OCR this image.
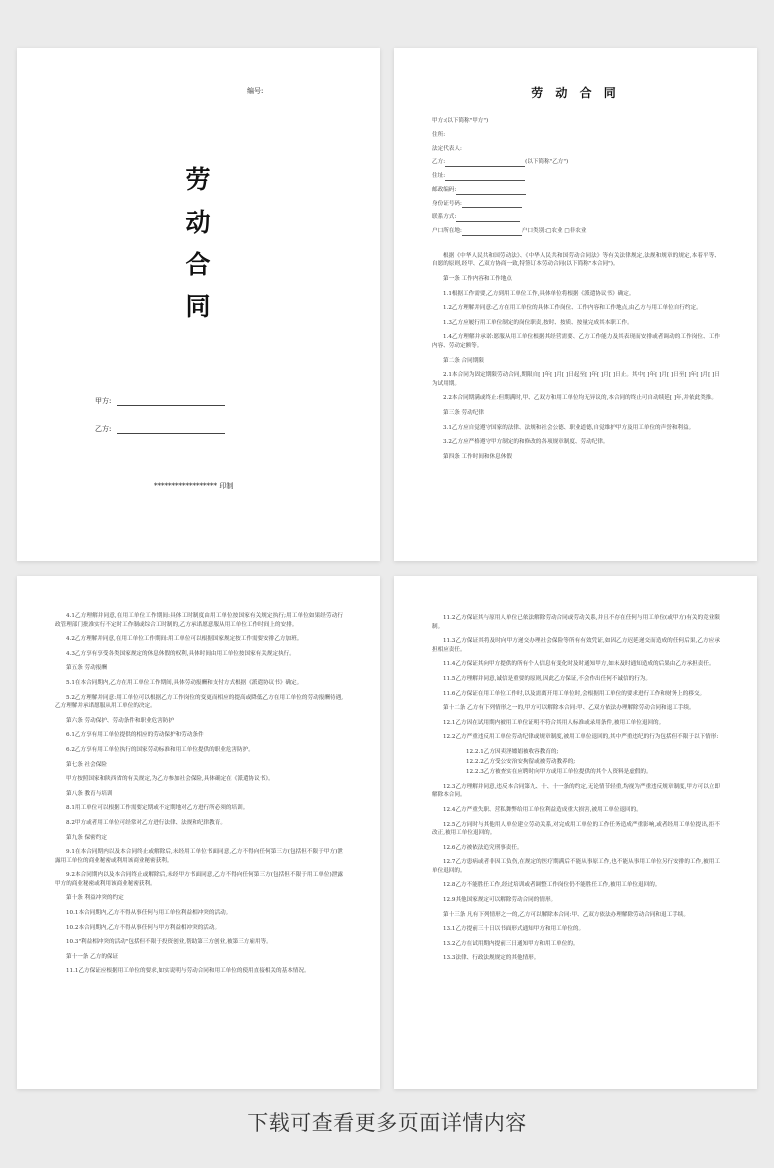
编号:
劳
动
合
同
甲方:
乙方:
****************** 印制
劳 动 合 同
甲方:(以下简称"甲方")
住所:
法定代表人:
乙方:	(以下简称"乙方")
住址:
邮政编码:
身份证号码:
联系方式:
户口所在地:	户口类别:□农业 □非农业

根据《中华人民共和国劳动法》、《中华人民共和国劳动合同法》等有关法律规定,法规和规章的规定,本着平等、自愿的原则,经甲、乙双方协商一致,特签订本劳动合同(以下简称"本合同")。

第一条 工作内容和工作地点

1.1根据工作需要,乙方到用工单位工作,具体单位将根据《派遣协议书》确定。

1.2乙方理解并同意:乙方在用工单位的具体工作岗位、工作内容和工作地点,由乙方与用工单位自行约定。

1.3乙方应履行用工单位制定的岗位职责,按时、按质、按量完成其本职工作。

1.4乙方理解并承诺:愿服从用工单位根据其经营需要、乙方工作能力及其表现而安排或者调动的工作岗位、工作内容、劳动定额等。

第二条 合同期限

2.1本合同为固定期限劳动合同,期限自[ ]年[ ]月[ ]日起至[ ]年[ ]月[ ]日止。其中[ ]年[ ]月[ ]日至[ ]年[ ]月[ ]日为试用期。

2.2本合同期满或终止:但期满时,甲、乙双方和用工单位均无异议的,本合同的终止可自动续延[ ]年,并依此类推。

第三条 劳动纪律

3.1乙方应自觉遵守国家的法律、法规和社会公德、职业道德,自觉维护甲方及用工单位的声誉和利益。

3.2乙方应严格遵守甲方制定的和修改的各项规章制度、劳动纪律。

第四条 工作时间和休息休假

4.1乙方理解并同意,在用工单位工作期间:具体工时制度由用工单位按国家有关规定执行;用工单位如果经劳动行政管理部门批准实行不定时工作制或综合工时制的,乙方承诺愿意服从用工单位工作时间上的安排。

4.2乙方理解并同意,在用工单位工作期间:用工单位可以根据国家规定按工作需要安排乙方加班。

4.3乙方享有享受各类国家规定的休息休假的权利,具体时间由用工单位按国家有关规定执行。

第五条 劳动报酬

5.1在本合同期内,乙方在用工单位工作期间,具体劳动报酬和支付方式根据《派遣协议书》确定。

5.2乙方理解并同意:用工单位可以根据乙方工作岗位的变更而相应的提高或降低乙方在用工单位的劳动报酬待遇,乙方理解并承诺愿服从用工单位的决定。

第六条 劳动保护、劳动条件和职业危害防护

6.1乙方享有用工单位提供的相应的劳动保护和劳动条件

6.2乙方享有用工单位执行的国家劳动标准和用工单位提供的职业危害防护。

第七条 社会保险

甲方按照国家和陕西省的有关规定,为乙方参加社会保险,具体确定在《派遣协议书》。

第八条 教育与培训

8.1用工单位可以根据工作需要定期或不定期地对乙方进行所必须的培训。

8.2甲方或者用工单位可经常对乙方进行法律、法规和纪律教育。

第九条 保密约定

9.1在本合同期内以及本合同终止或解除后,未经用工单位书面同意,乙方不得向任何第三方(包括但不限于甲方)泄露用工单位的商业秘密或利用该商业秘密获利。

9.2本合同期内以及本合同终止或解除后,未经甲方书面同意,乙方不得向任何第三方(包括但不限于用工单位)泄露甲方的商业秘密或利用该商业秘密获利。

第十条 利益冲突的约定

10.1本合同期内,乙方不得从事任何与用工单位利益相冲突的活动。

10.2本合同期内,乙方不得从事任何与甲方利益相冲突的活动。

10.3"利益相冲突的活动"包括但不限于投资创业,帮助第三方创业,被第三方雇用等。

第十一条 乙方的保证

11.1乙方保证应根据用工单位的要求,如实说明与劳动合同和用工单位的使用直接相关的基本情况。

11.2乙方保证其与原用人单位已依法解除劳动合同或劳动关系,并且不存在任何与用工单位(或甲方)有关的竞业限制。

11.3乙方保证其将及时向甲方递交办理社会保险等所有有效凭证,如因乙方迟延递交而造成的任何后果,乙方应承担相应责任。

11.4乙方保证其向甲方提供的所有个人信息有变化时及时通知甲方,如未及时通知造成的后果由乙方承担责任。

11.5乙方理解并同意,诚信是重要的原则,因此乙方保证,不会作出任何不诚信的行为。

11.6乙方保证在用工单位工作时,以及需离开用工单位时,会根据用工单位的要求进行工作和财务上的移交。

第十二条 乙方有下列情形之一的,甲方可以解除本合同:甲、乙双方依法办理解除劳动合同和退工手续。

12.1乙方因在试用期内被用工单位证明不符合其用人标准或录用条件,被用工单位退回的。

12.2乙方严重违反用工单位劳动纪律或规章制度,被用工单位退回的,其中严重违纪的行为包括但不限于以下情形:

12.2.1乙方因卖淫嫖娼被收容教育的;

12.2.2乙方受公安治安拘留或被劳动教养的;

12.2.3乙方被查实在应聘时向甲方或用工单位提供的其个人资料是虚假的。

12.3乙方理解并同意,违反本合同第九、十、十一条的约定,无论情节轻重,均视为严重违反规章制度,甲方可以立即解除本合同。

12.4乙方严重失职、营私舞弊给用工单位利益造成重大损害,被用工单位退回的。

12.5乙方同时与其他用人单位建立劳动关系,对完成用工单位的工作任务造成严重影响,或者经用工单位提出,拒不改正,被用工单位退回的。

12.6乙方被依法追究刑事责任。

12.7乙方患病或者非因工负伤,在规定的医疗期满后不能从事原工作,也不能从事用工单位另行安排的工作,被用工单位退回的。

12.8乙方不能胜任工作,经过培训或者调整工作岗位仍不能胜任工作,被用工单位退回的。

12.9其他国家规定可以解除劳动合同的情形。

第十三条 凡有下列情形之一的,乙方可以解除本合同:甲、乙双方依法办理解除劳动合同和退工手续。

13.1乙方提前三十日以书面形式通知甲方和用工单位的。

13.2乙方在试用期内提前三日通知甲方和用工单位的。

13.3法律、行政法规规定的其他情形。

下载可查看更多页面详情内容
